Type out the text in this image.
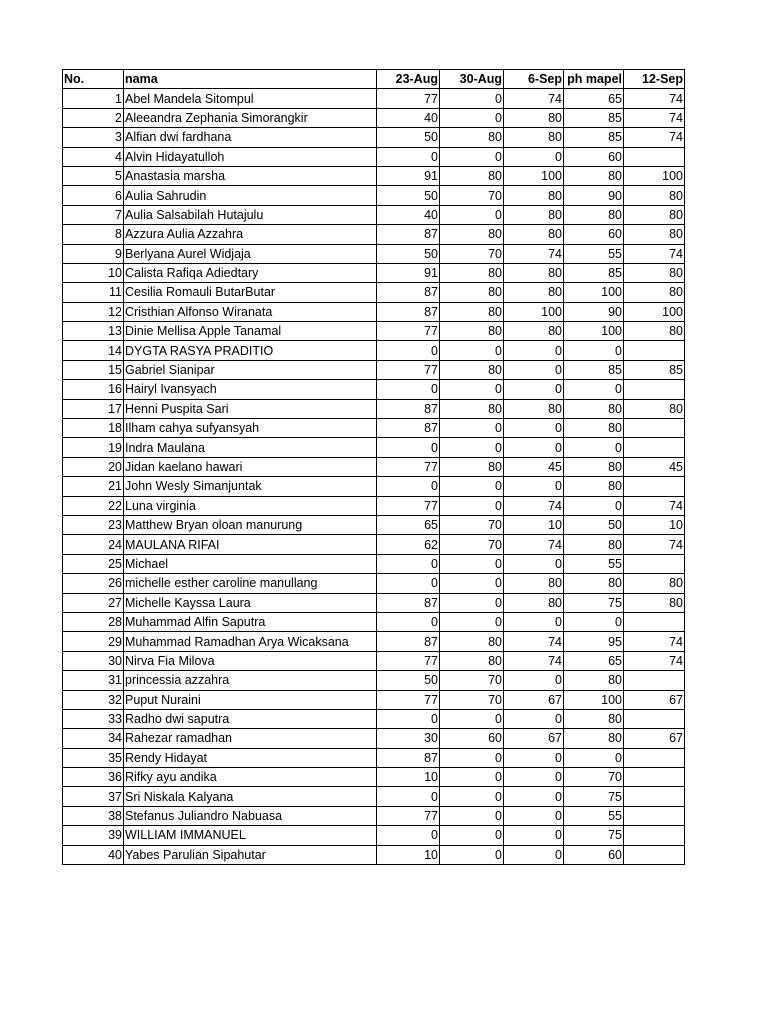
No.	nama	23-Aug	30-Aug	6-Sep	ph mapel	12-Sep
1	Abel Mandela Sitompul	77	0	74	65	74
2	Aleeandra Zephania Simorangkir	40	0	80	85	74
3	Alfian dwi fardhana	50	80	80	85	74
4	Alvin Hidayatulloh	0	0	0	60	
5	Anastasia marsha	91	80	100	80	100
6	Aulia Sahrudin	50	70	80	90	80
7	Aulia Salsabilah Hutajulu	40	0	80	80	80
8	Azzura Aulia Azzahra	87	80	80	60	80
9	Berlyana Aurel Widjaja	50	70	74	55	74
10	Calista Rafiqa Adiedtary	91	80	80	85	80
11	Cesilia Romauli ButarButar	87	80	80	100	80
12	Cristhian Alfonso Wiranata	87	80	100	90	100
13	Dinie Mellisa Apple Tanamal	77	80	80	100	80
14	DYGTA RASYA PRADITIO	0	0	0	0	
15	Gabriel Sianipar	77	80	0	85	85
16	Hairyl Ivansyach	0	0	0	0	
17	Henni Puspita Sari	87	80	80	80	80
18	Ilham cahya sufyansyah	87	0	0	80	
19	Indra Maulana	0	0	0	0	
20	Jidan kaelano hawari	77	80	45	80	45
21	John Wesly Simanjuntak	0	0	0	80	
22	Luna virginia	77	0	74	0	74
23	Matthew Bryan oloan manurung	65	70	10	50	10
24	MAULANA RIFAI	62	70	74	80	74
25	Michael	0	0	0	55	
26	michelle esther caroline manullang	0	0	80	80	80
27	Michelle Kayssa Laura	87	0	80	75	80
28	Muhammad Alfin Saputra	0	0	0	0	
29	Muhammad Ramadhan Arya Wicaksana	87	80	74	95	74
30	Nirva Fia Milova	77	80	74	65	74
31	princessia azzahra	50	70	0	80	
32	Puput Nuraini	77	70	67	100	67
33	Radho dwi saputra	0	0	0	80	
34	Rahezar ramadhan	30	60	67	80	67
35	Rendy Hidayat	87	0	0	0	
36	Rifky ayu andika	10	0	0	70	
37	Sri Niskala Kalyana	0	0	0	75	
38	Stefanus Juliandro Nabuasa	77	0	0	55	
39	WILLIAM IMMANUEL	0	0	0	75	
40	Yabes Parulian Sipahutar	10	0	0	60	
